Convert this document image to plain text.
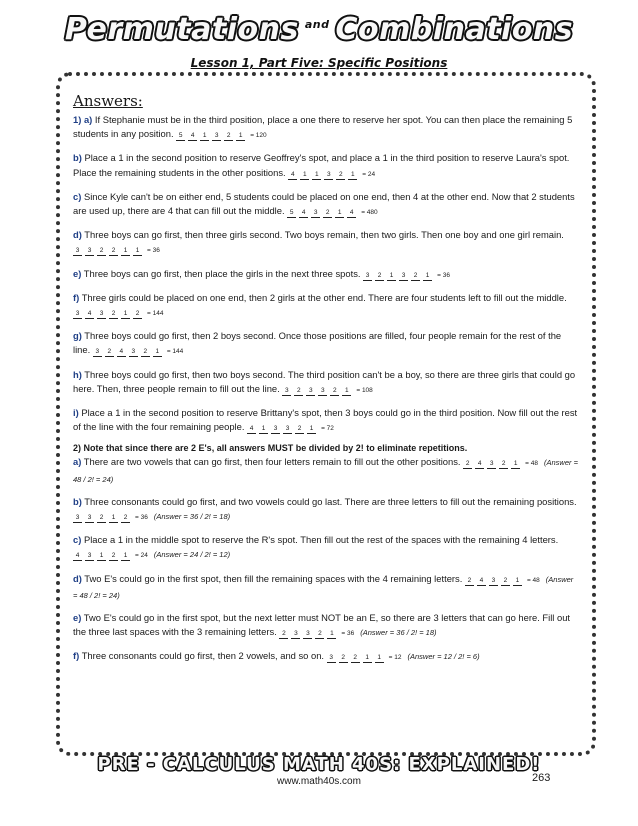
Permutations $^{and}$ Combinations
Lesson 1, Part Five: Specific Positions
Answers:
1) a) If Stephanie must be in the third position, place a one there to reserve her spot. You can then place the remaining 5 students in any position. 5 4 1 3 2 1 = 120
b) Place a 1 in the second position to reserve Geoffrey's spot, and place a 1 in the third position to reserve Laura's spot. Place the remaining students in the other positions. 4 1 1 3 2 1 = 24
c) Since Kyle can't be on either end, 5 students could be placed on one end, then 4 at the other end. Now that 2 students are used up, there are 4 that can fill out the middle. 5 4 3 2 1 4 = 480
d) Three boys can go first, then three girls second. Two boys remain, then two girls. Then one boy and one girl remain. 3 3 2 2 1 1 = 36
e) Three boys can go first, then place the girls in the next three spots. 3 2 1 3 2 1 = 36
f) Three girls could be placed on one end, then 2 girls at the other end. There are four students left to fill out the middle. 3 4 3 2 1 2 = 144
g) Three boys could go first, then 2 boys second. Once those positions are filled, four people remain for the rest of the line. 3 2 4 3 2 1 = 144
h) Three boys could go first, then two boys second. The third position can't be a boy, so there are three girls that could go here. Then, three people remain to fill out the line. 3 2 3 3 2 1 = 108
i) Place a 1 in the second position to reserve Brittany's spot, then 3 boys could go in the third position. Now fill out the rest of the line with the four remaining people. 4 1 3 3 2 1 = 72
2) Note that since there are 2 E's, all answers MUST be divided by 2! to eliminate repetitions.
a) There are two vowels that can go first, then four letters remain to fill out the other positions. 2 4 3 2 1 = 48 (Answer = 48 / 2! = 24)
b) Three consonants could go first, and two vowels could go last. There are three letters to fill out the remaining positions. 3 3 2 1 2 = 36 (Answer = 36 / 2! = 18)
c) Place a 1 in the middle spot to reserve the R's spot. Then fill out the rest of the spaces with the remaining 4 letters. 4 3 1 2 1 = 24 (Answer = 24 / 2! = 12)
d) Two E's could go in the first spot, then fill the remaining spaces with the 4 remaining letters. 2 4 3 2 1 = 48 (Answer = 48 / 2! = 24)
e) Two E's could go in the first spot, but the next letter must NOT be an E, so there are 3 letters that can go here. Fill out the three last spaces with the 3 remaining letters. 2 3 3 2 1 = 36 (Answer = 36 / 2! = 18)
f) Three consonants could go first, then 2 vowels, and so on. 3 2 2 1 1 = 12 (Answer = 12 / 2! = 6)
PRE - CALCULUS MATH 40S: EXPLAINED!
www.math40s.com	263
